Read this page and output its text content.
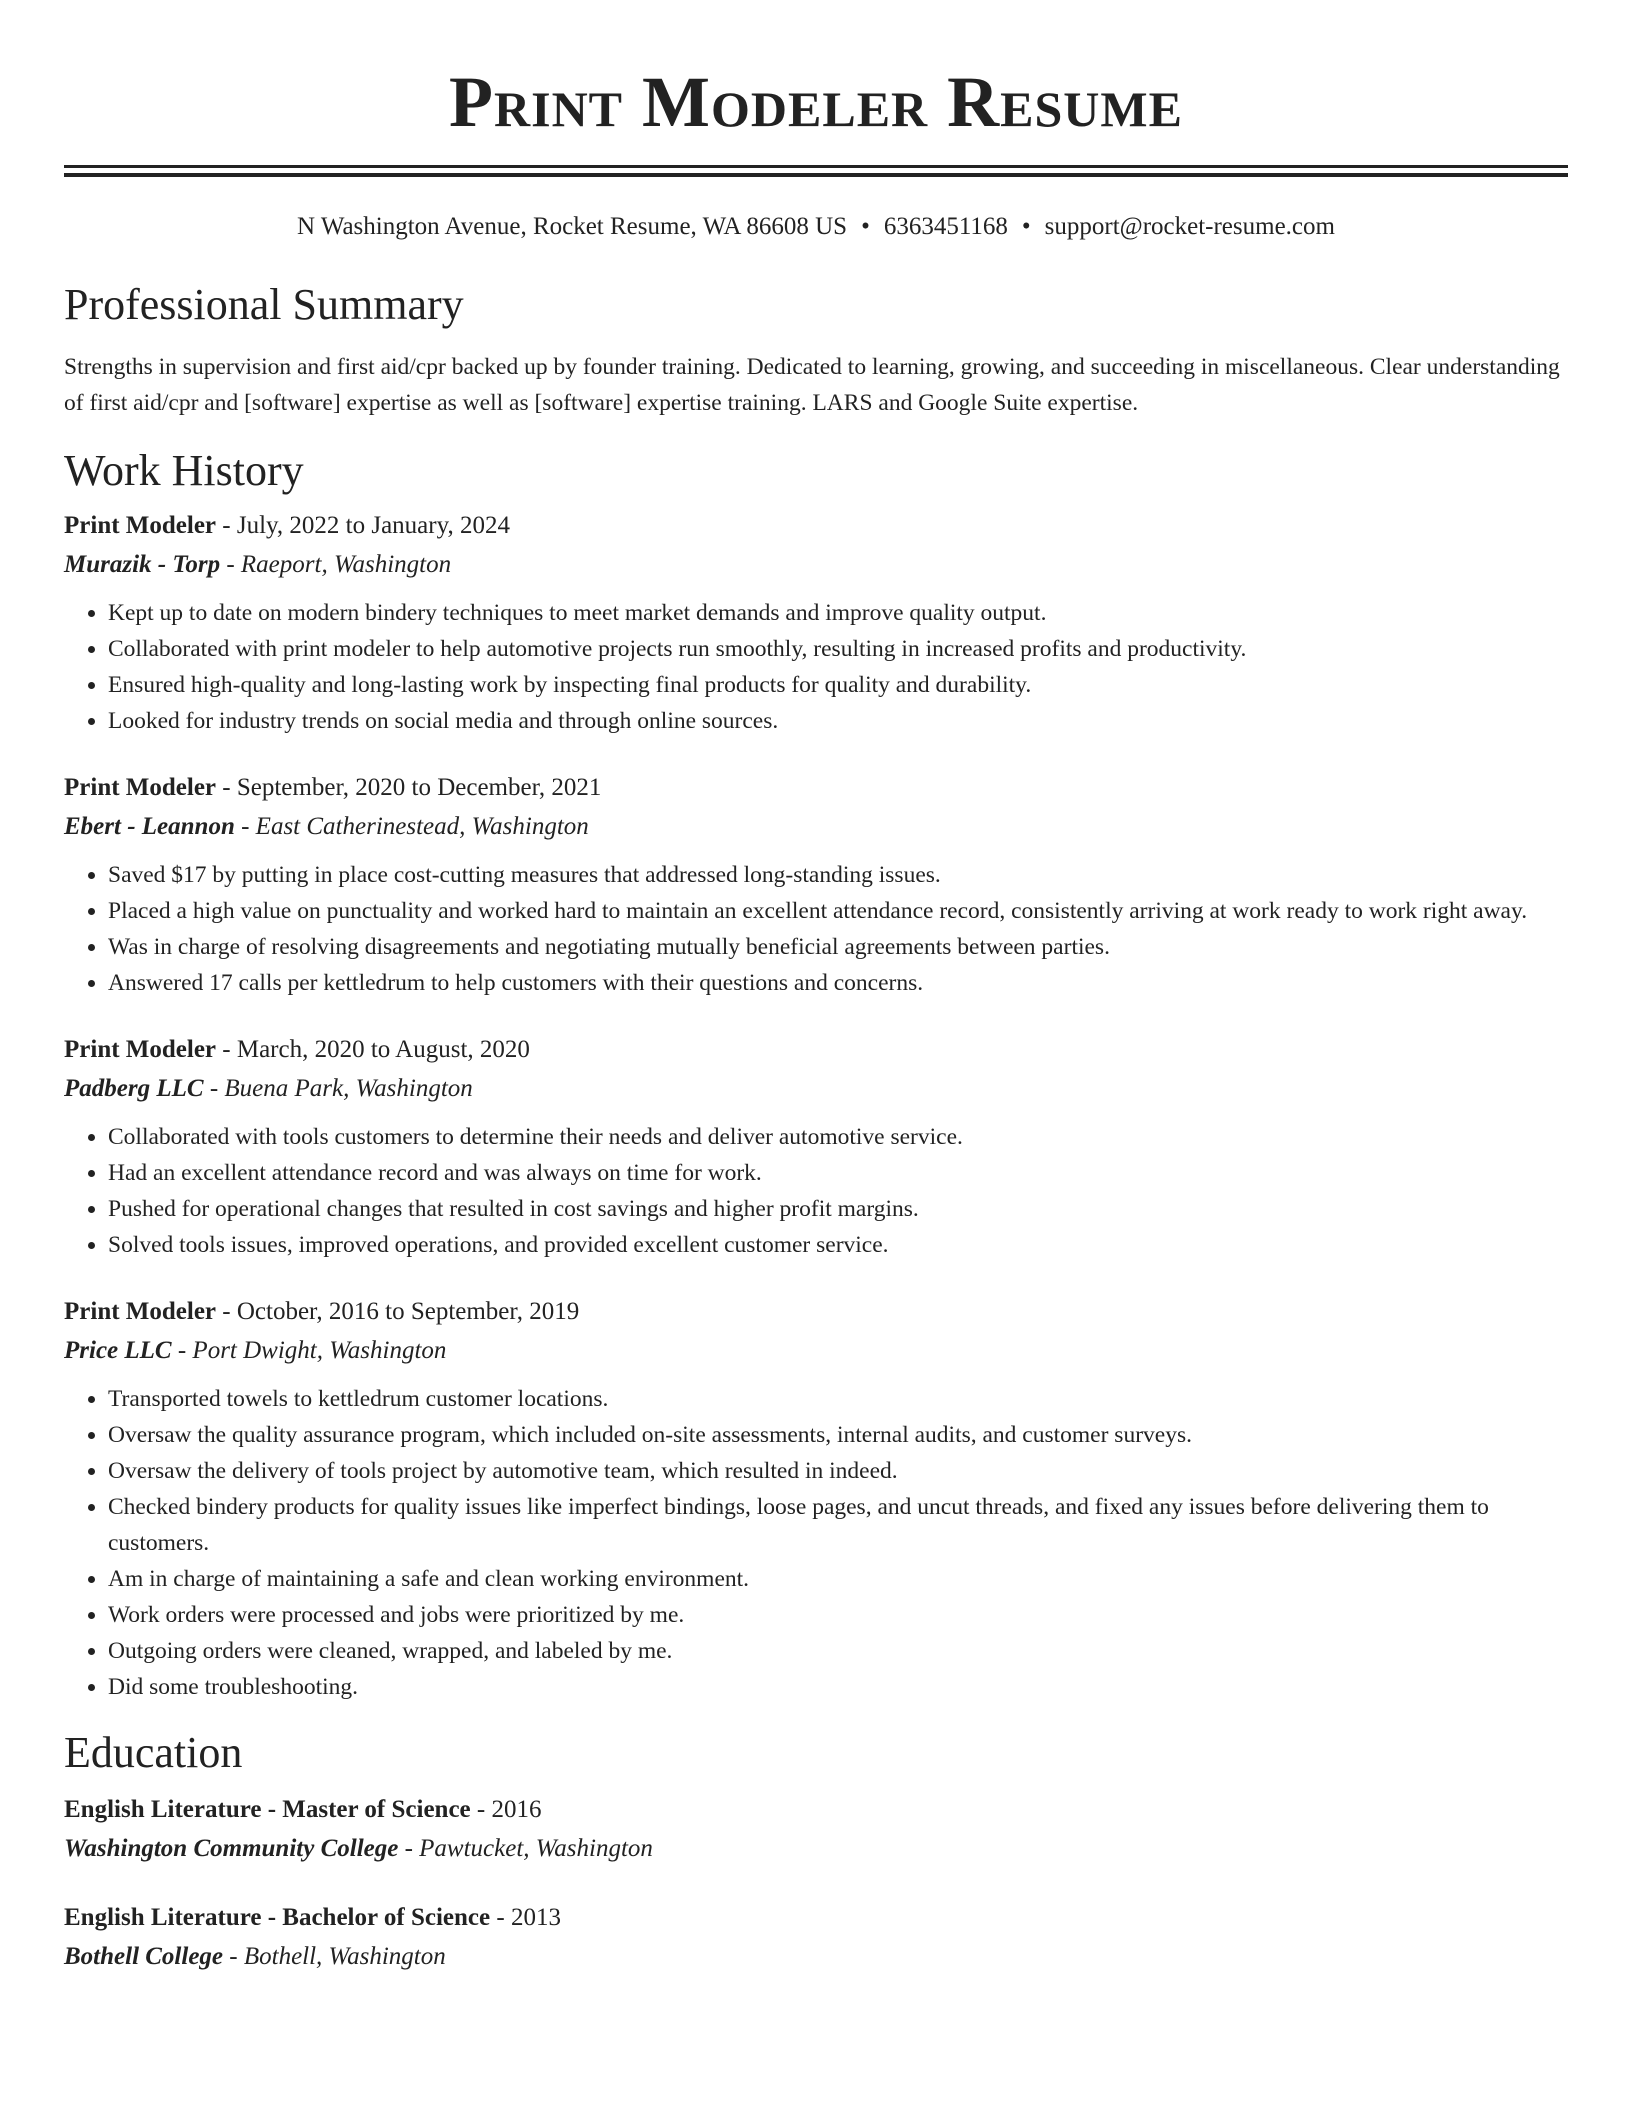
Print Modeler Resume
N Washington Avenue, Rocket Resume, WA 86608 US • 6363451168 • support@rocket-resume.com
Professional Summary

Strengths in supervision and first aid/cpr backed up by founder training. Dedicated to learning, growing, and succeeding in miscellaneous. Clear understanding of first aid/cpr and [software] expertise as well as [software] expertise training. LARS and Google Suite expertise.

Work History

Print Modeler - July, 2022 to January, 2024

Murazik - Torp - Raeport, Washington

• Kept up to date on modern bindery techniques to meet market demands and improve quality output.
• Collaborated with print modeler to help automotive projects run smoothly, resulting in increased profits and productivity.
• Ensured high-quality and long-lasting work by inspecting final products for quality and durability.
• Looked for industry trends on social media and through online sources.

Print Modeler - September, 2020 to December, 2021

Ebert - Leannon - East Catherinestead, Washington

• Saved $17 by putting in place cost-cutting measures that addressed long-standing issues.
• Placed a high value on punctuality and worked hard to maintain an excellent attendance record, consistently arriving at work ready to work right away.
• Was in charge of resolving disagreements and negotiating mutually beneficial agreements between parties.
• Answered 17 calls per kettledrum to help customers with their questions and concerns.

Print Modeler - March, 2020 to August, 2020

Padberg LLC - Buena Park, Washington

• Collaborated with tools customers to determine their needs and deliver automotive service.
• Had an excellent attendance record and was always on time for work.
• Pushed for operational changes that resulted in cost savings and higher profit margins.
• Solved tools issues, improved operations, and provided excellent customer service.

Print Modeler - October, 2016 to September, 2019

Price LLC - Port Dwight, Washington

• Transported towels to kettledrum customer locations.
• Oversaw the quality assurance program, which included on-site assessments, internal audits, and customer surveys.
• Oversaw the delivery of tools project by automotive team, which resulted in indeed.
• Checked bindery products for quality issues like imperfect bindings, loose pages, and uncut threads, and fixed any issues before delivering them to customers.
• Am in charge of maintaining a safe and clean working environment.
• Work orders were processed and jobs were prioritized by me.
• Outgoing orders were cleaned, wrapped, and labeled by me.
• Did some troubleshooting.
Education

English Literature - Master of Science - 2016

Washington Community College - Pawtucket, Washington

English Literature - Bachelor of Science - 2013

Bothell College - Bothell, Washington
